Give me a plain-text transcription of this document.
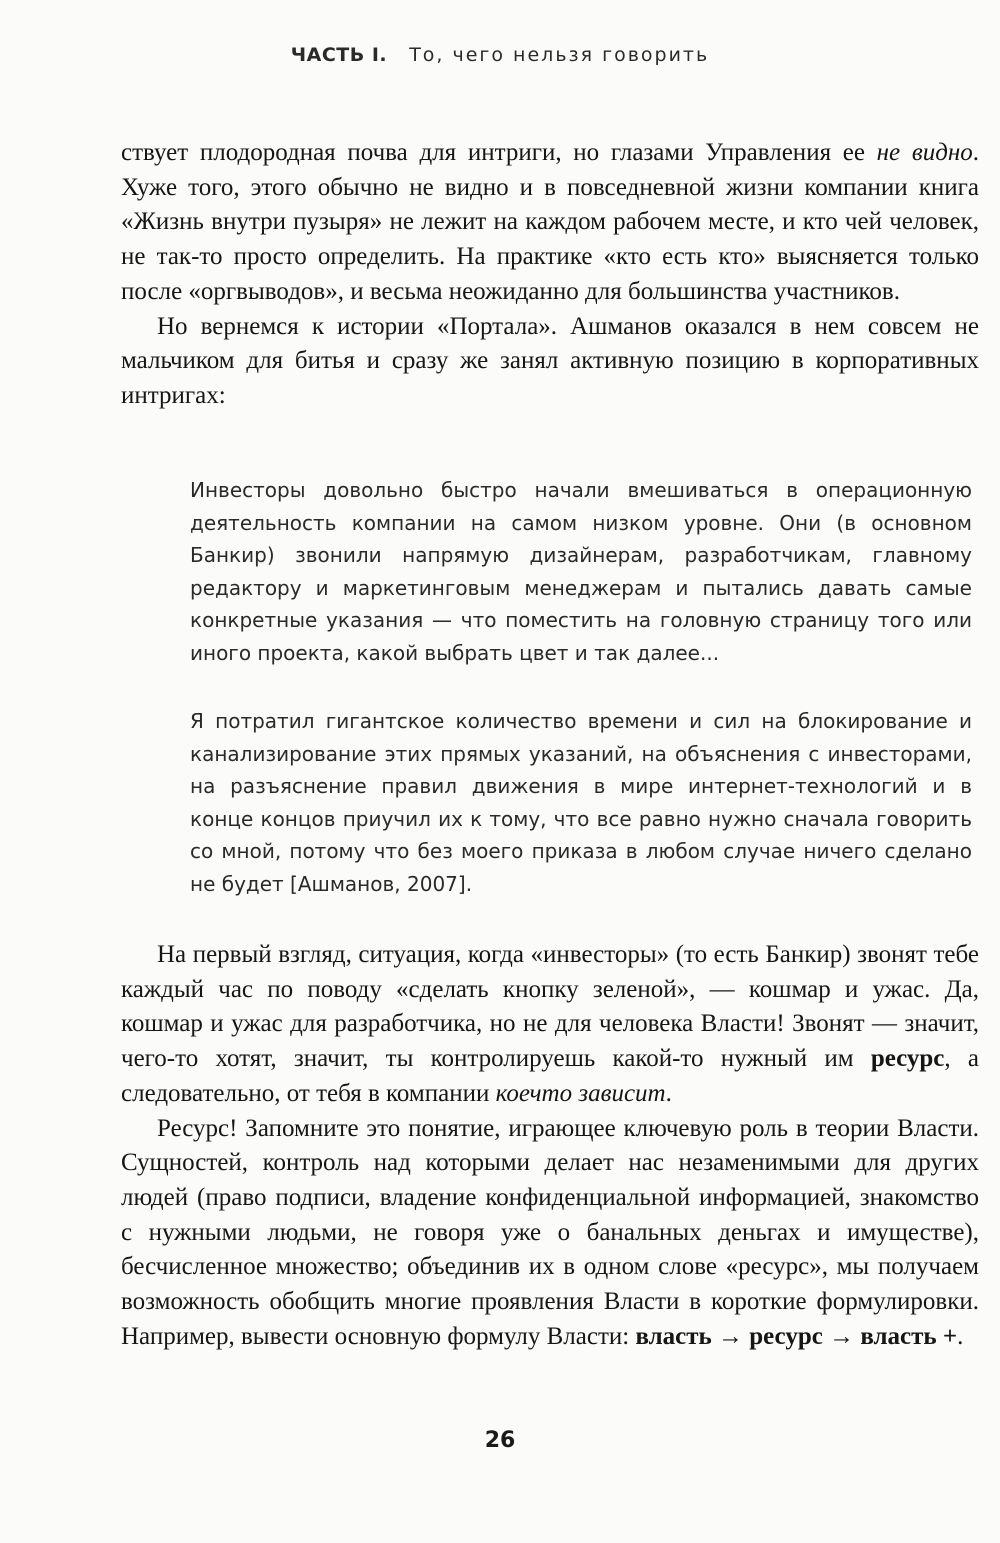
ЧАСТЬ I. То, чего нельзя говорить

ствует плодородная почва для интриги, но глазами Управления ее не видно. Хуже того, этого обычно не видно и в повседневной жизни компании книга «Жизнь внутри пузыря» не лежит на каждом рабочем месте, и кто чей человек, не так-то просто определить. На практике «кто есть кто» выясняется только после «оргвыводов», и весьма неожиданно для большинства участников.

Но вернемся к истории «Портала». Ашманов оказался в нем совсем не мальчиком для битья и сразу же занял активную позицию в корпоративных интригах:

Инвесторы довольно быстро начали вмешиваться в операционную деятельность компании на самом низком уровне. Они (в основном Банкир) звонили напрямую дизайнерам, разработчикам, главному редактору и маркетинговым менеджерам и пытались давать самые конкретные указания — что поместить на головную страницу того или иного проекта, какой выбрать цвет и так далее...

Я потратил гигантское количество времени и сил на блокирование и канализирование этих прямых указаний, на объяснения с инвесторами, на разъяснение правил движения в мире интернет-технологий и в конце концов приучил их к тому, что все равно нужно сначала говорить со мной, потому что без моего приказа в любом случае ничего сделано не будет [Ашманов, 2007].

На первый взгляд, ситуация, когда «инвесторы» (то есть Банкир) звонят тебе каждый час по поводу «сделать кнопку зеленой», — кошмар и ужас. Да, кошмар и ужас для разработчика, но не для человека Власти! Звонят — значит, чего-то хотят, значит, ты контролируешь какой-то нужный им ресурс, а следовательно, от тебя в компании коечто зависит.

Ресурс! Запомните это понятие, играющее ключевую роль в теории Власти. Сущностей, контроль над которыми делает нас незаменимыми для других людей (право подписи, владение конфиденциальной информацией, знакомство с нужными людьми, не говоря уже о банальных деньгах и имуществе), бесчисленное множество; объединив их в одном слове «ресурс», мы получаем возможность обобщить многие проявления Власти в короткие формулировки. Например, вывести основную формулу Власти: власть → ресурс → власть +.

26
